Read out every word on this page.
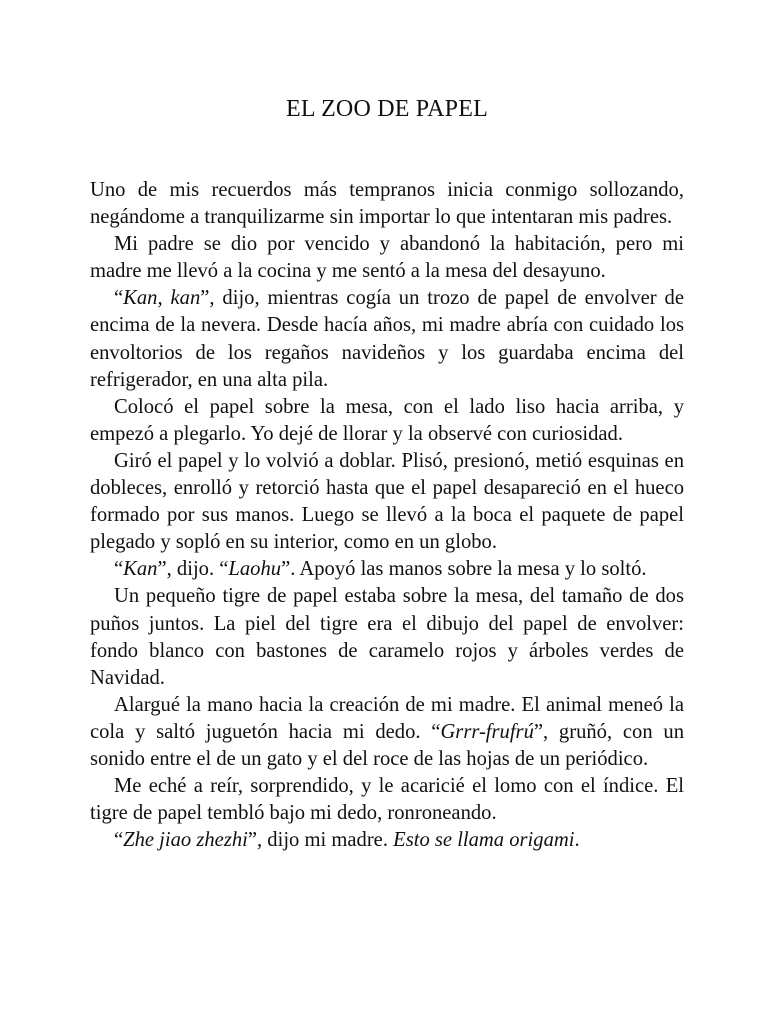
EL ZOO DE PAPEL

Uno de mis recuerdos más tempranos inicia conmigo sollozando, negándome a tranquilizarme sin importar lo que intentaran mis padres.

Mi padre se dio por vencido y abandonó la habitación, pero mi madre me llevó a la cocina y me sentó a la mesa del desayuno.

“Kan, kan”, dijo, mientras cogía un trozo de papel de envolver de encima de la nevera. Desde hacía años, mi madre abría con cuidado los envoltorios de los regaños navideños y los guardaba encima del refrigerador, en una alta pila.

Colocó el papel sobre la mesa, con el lado liso hacia arriba, y empezó a plegarlo. Yo dejé de llorar y la observé con curiosidad.

Giró el papel y lo volvió a doblar. Plisó, presionó, metió esquinas en dobleces, enrolló y retorció hasta que el papel desapareció en el hueco formado por sus manos. Luego se llevó a la boca el paquete de papel plegado y sopló en su interior, como en un globo.

“Kan”, dijo. “Laohu”. Apoyó las manos sobre la mesa y lo soltó.

Un pequeño tigre de papel estaba sobre la mesa, del tamaño de dos puños juntos. La piel del tigre era el dibujo del papel de envolver: fondo blanco con bastones de caramelo rojos y árboles verdes de Navidad.

Alargué la mano hacia la creación de mi madre. El animal meneó la cola y saltó juguetón hacia mi dedo. “Grrr-frufrú”, gruñó, con un sonido entre el de un gato y el del roce de las hojas de un periódico.

Me eché a reír, sorprendido, y le acaricié el lomo con el índice. El tigre de papel tembló bajo mi dedo, ronroneando.

“Zhe jiao zhezhi”, dijo mi madre. Esto se llama origami.
